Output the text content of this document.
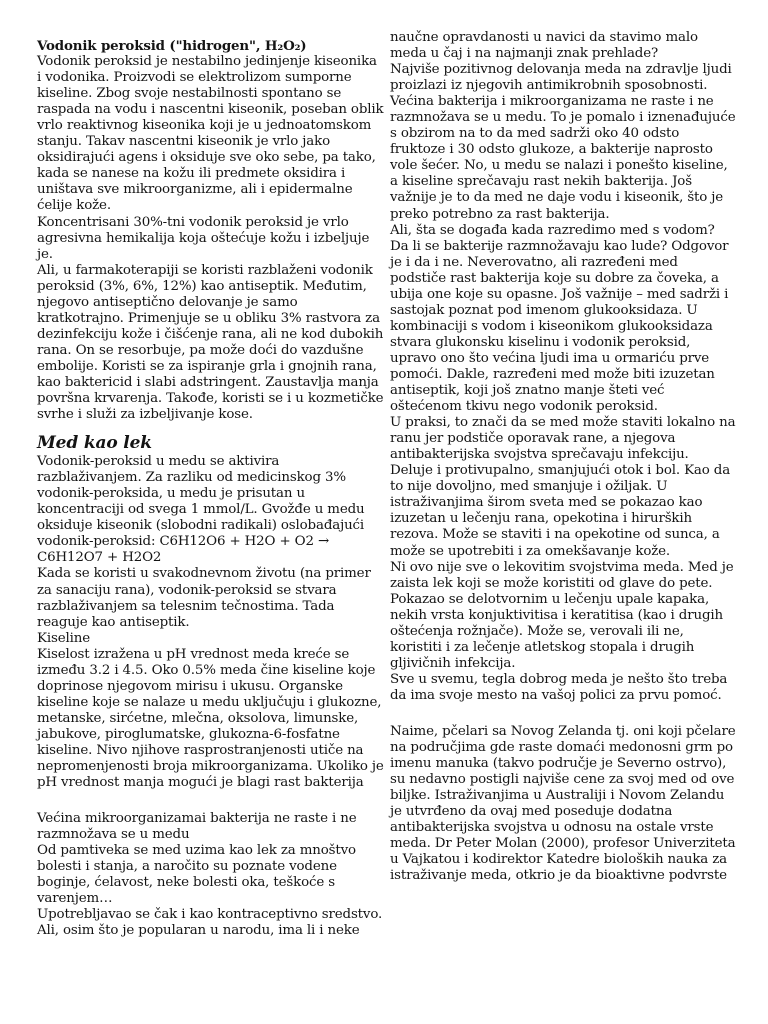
Vodonik peroksid ("hidrogen", H₂O₂)

Vodonik peroksid je nestabilno jedinjenje kiseonika i vodonika. Proizvodi se elektrolizom sumporne kiseline. Zbog svoje nestabilnosti spontano se raspada na vodu i nascentni kiseonik, poseban oblik vrlo reaktivnog kiseonika koji je u jednoatomskom stanju. Takav nascentni kiseonik je vrlo jako oksidirajući agens i oksiduje sve oko sebe, pa tako, kada se nanese na kožu ili predmete oksidira i uništava sve mikroorganizme, ali i epidermalne ćelije kože.

Koncentrisani 30%-tni vodonik peroksid je vrlo agresivna hemikalija koja oštećuje kožu i izbeljuje je.

Ali, u farmakoterapiji se koristi razblaženi vodonik peroksid (3%, 6%, 12%) kao antiseptik. Međutim, njegovo antiseptično delovanje je samo kratkotrajno. Primenjuje se u obliku 3% rastvora za dezinfekciju kože i čišćenje rana, ali ne kod dubokih rana. On se resorbuje, pa može doći do vazdušne embolije. Koristi se za ispiranje grla i gnojnih rana, kao baktericid i slabi adstringent. Zaustavlja manja površna krvarenja. Takođe, koristi se i u kozmetičke svrhe i služi za izbeljivanje kose.

Med kao lek

Vodonik-peroksid u medu se aktivira razblaživanjem. Za razliku od medicinskog 3% vodonik-peroksida, u medu je prisutan u koncentraciji od svega 1 mmol/L. Gvožđe u medu oksiduje kiseonik (slobodni radikali) oslobađajući vodonik-peroksid: C6H12O6 + H2O + O2 → C6H12O7 + H2O2

Kada se koristi u svakodnevnom životu (na primer za sanaciju rana), vodonik-peroksid se stvara razblaživanjem sa telesnim tečnostima. Tada reaguje kao antiseptik.

Kiseline

Kiselost izražena u pH vrednost meda kreće se između 3.2 i 4.5. Oko 0.5% meda čine kiseline koje doprinose njegovom mirisu i ukusu. Organske kiseline koje se nalaze u medu uključuju i glukozne, metanske, sirćetne, mlečna, oksolova, limunske, jabukove, piroglumatske, glukozna-6-fosfatne kiseline. Nivo njihove rasprostranjenosti utiče na nepromenjenosti broja mikroorganizama. Ukoliko je pH vrednost manja mogući je blagi rast bakterija

Većina mikroorganizamai bakterija ne raste i ne razmnožava se u medu

Od pamtiveka se med uzima kao lek za mnoštvo bolesti i stanja, a naročito su poznate vodene boginje, ćelavost, neke bolesti oka, teškoće s varenjem…

Upotrebljavao se čak i kao kontraceptivno sredstvo.

Ali, osim što je popularan u narodu, ima li i neke

naučne opravdanosti u navici da stavimo malo meda u čaj i na najmanji znak prehlade?

Najviše pozitivnog delovanja meda na zdravlje ljudi proizlazi iz njegovih antimikrobnih sposobnosti.

Većina bakterija i mikroorganizama ne raste i ne razmnožava se u medu. To je pomalo i iznenađujuće s obzirom na to da med sadrži oko 40 odsto fruktoze i 30 odsto glukoze, a bakterije naprosto vole šećer. No, u medu se nalazi i ponešto kiseline, a kiseline sprečavaju rast nekih bakterija. Još važnije je to da med ne daje vodu i kiseonik, što je preko potrebno za rast bakterija.

Ali, šta se događa kada razredimo med s vodom? Da li se bakterije razmnožavaju kao lude? Odgovor je i da i ne. Neverovatno, ali razređeni med podstiče rast bakterija koje su dobre za čoveka, a ubija one koje su opasne. Još važnije – med sadrži i sastojak poznat pod imenom glukooksidaza. U kombinaciji s vodom i kiseonikom glukooksidaza stvara glukonsku kiselinu i vodonik peroksid, upravo ono što većina ljudi ima u ormariću prve pomoći. Dakle, razređeni med može biti izuzetan antiseptik, koji još znatno manje šteti već oštećenom tkivu nego vodonik peroksid.

U praksi, to znači da se med može staviti lokalno na ranu jer podstiče oporavak rane, a njegova antibakterijska svojstva sprečavaju infekciju.

Deluje i protivupalno, smanjujući otok i bol. Kao da to nije dovoljno, med smanjuje i ožiljak. U istraživanjima širom sveta med se pokazao kao izuzetan u lečenju rana, opekotina i hirurških rezova. Može se staviti i na opekotine od sunca, a može se upotrebiti i za omekšavanje kože.

Ni ovo nije sve o lekovitim svojstvima meda. Med je zaista lek koji se može koristiti od glave do pete. Pokazao se delotvornim u lečenju upale kapaka, nekih vrsta konjuktivitisa i keratitisa (kao i drugih oštećenja rožnjače). Može se, verovali ili ne, koristiti i za lečenje atletskog stopala i drugih gljivičnih infekcija.

Sve u svemu, tegla dobrog meda je nešto što treba da ima svoje mesto na vašoj polici za prvu pomoć.

Naime, pčelari sa Novog Zelanda tj. oni koji pčelare na područjima gde raste domaći medonosni grm po imenu manuka (takvo područje je Severno ostrvo), su nedavno postigli najviše cene za svoj med od ove biljke. Istraživanjima u Australiji i Novom Zelandu je utvrđeno da ovaj med poseduje dodatna antibakterijska svojstva u odnosu na ostale vrste meda. Dr Peter Molan (2000), profesor Univerziteta u Vajkatou i kodirektor Katedre bioloških nauka za istraživanje meda, otkrio je da bioaktivne podvrste
